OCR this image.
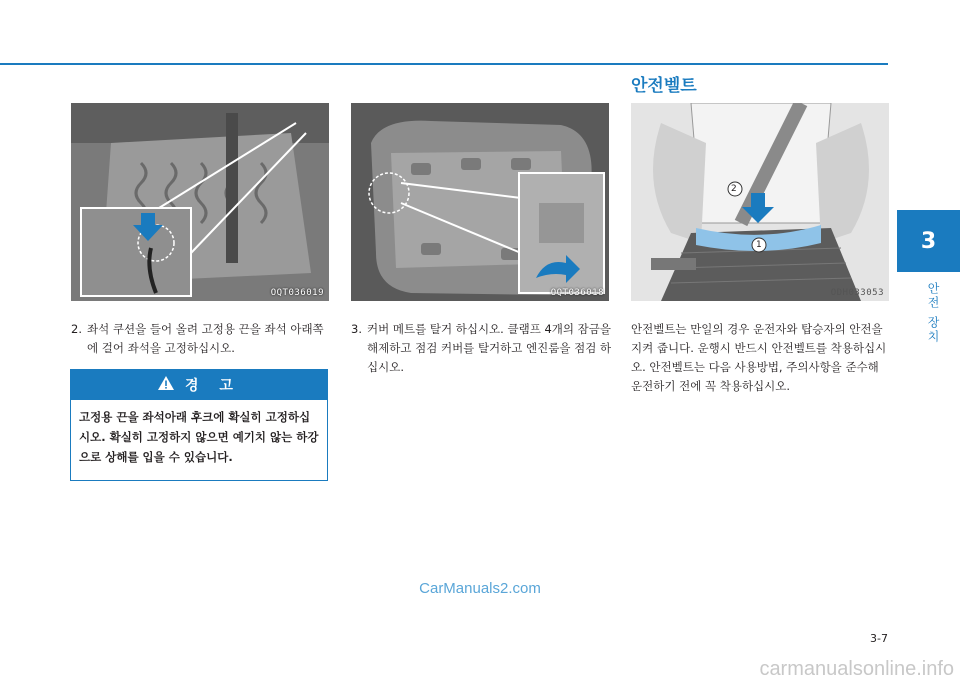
3
안전 장치
안전벨트
OQT036019	OQT036018
2
1
ODH033053
2. 좌석 쿠션을 들어 올려 고정용 끈을 좌석 아래쪽에 걸어 좌석을 고정하십시오.
3. 커버 메트를 탈거 하십시오. 클램프 4개의 잠금을 해제하고 점검 커버를 탈거하고 엔진룸을 점검 하십시오.
경 고
고정용 끈을 좌석아래 후크에 확실히 고정하십시오. 확실히 고정하지 않으면 예기치 않는 하강으로 상해를 입을 수 있습니다.
안전벨트는 만일의 경우 운전자와 탑승자의 안전을 지켜 줍니다. 운행시 반드시 안전벨트를 착용하십시오. 안전벨트는 다음 사용방법, 주의사항을 준수해 운전하기 전에 꼭 착용하십시오.
CarManuals2.com
3-7
carmanualsonline.info
